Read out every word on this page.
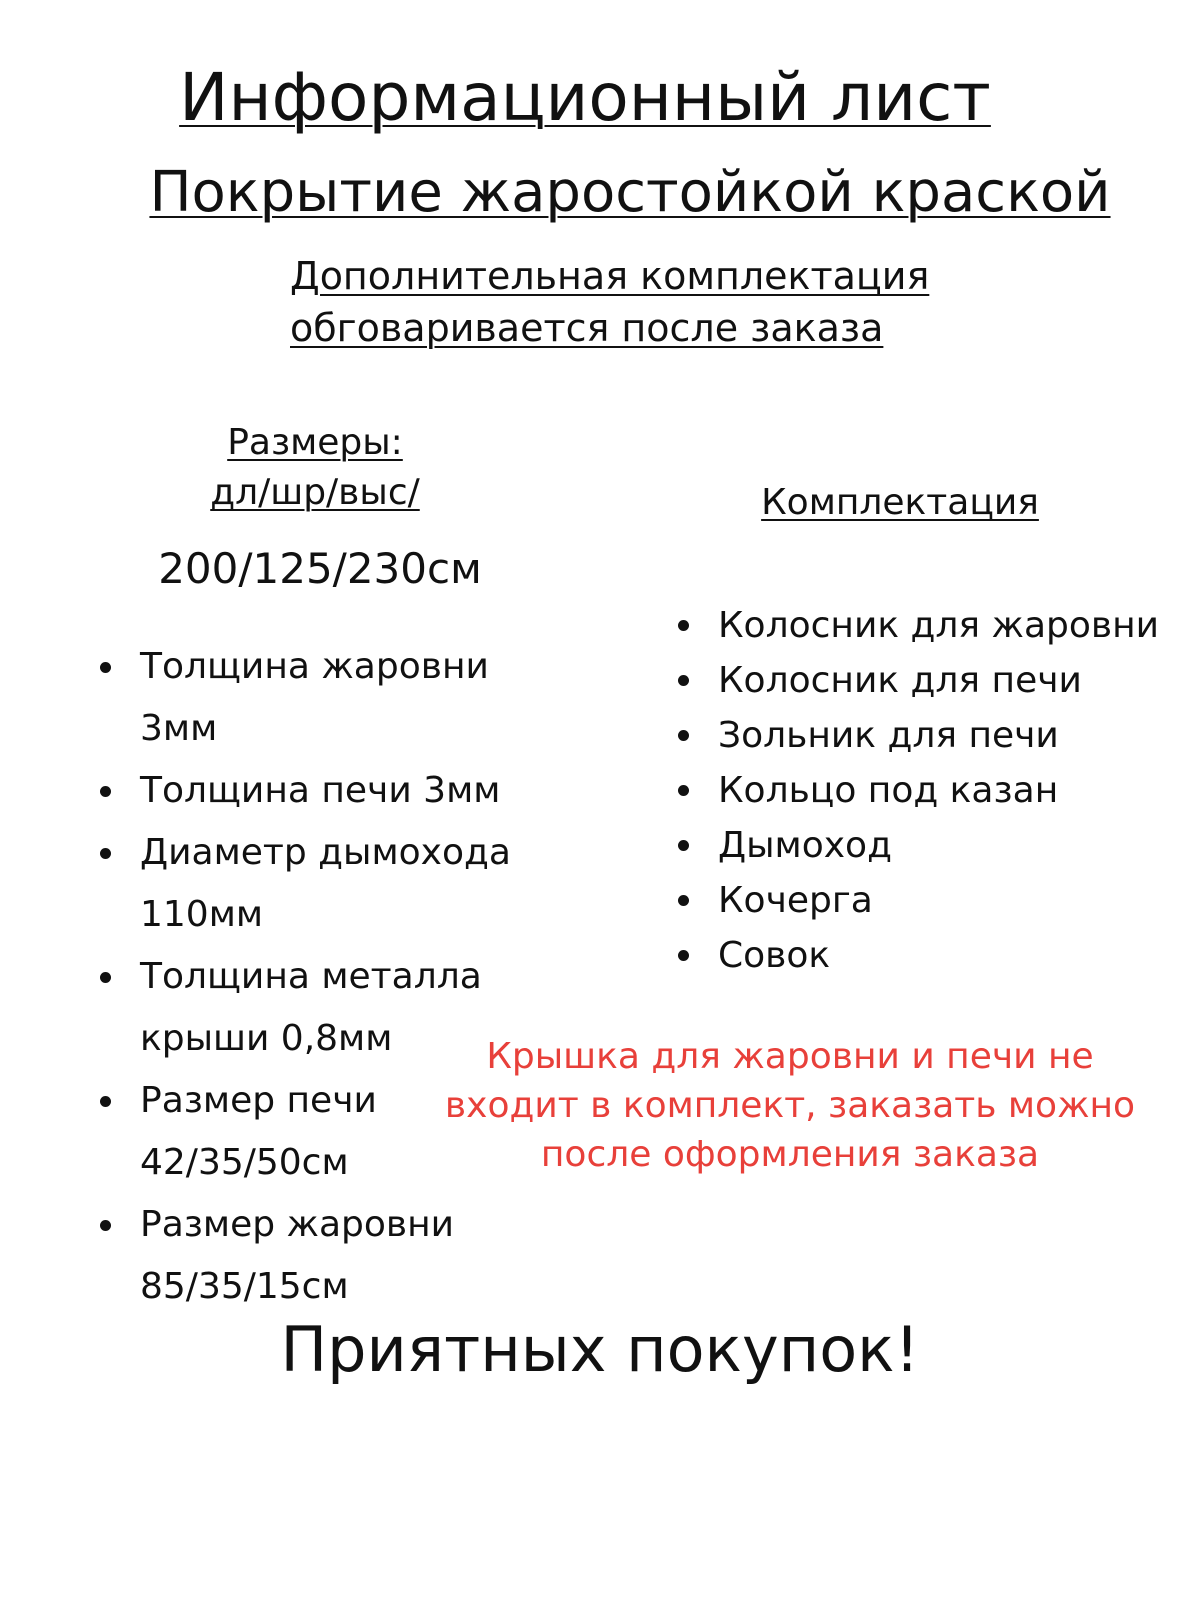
Информационный лист
Покрытие жаростойкой краской
Дополнительная комплектация обговаривается после заказа
Размеры:
дл/шр/выс/
200/125/230см
Толщина жаровни 3мм
Толщина печи 3мм
Диаметр дымохода 110мм
Толщина металла крыши 0,8мм
Размер печи 42/35/50см
Размер жаровни 85/35/15см
Комплектация
Колосник для жаровни
Колосник для печи
Зольник для печи
Кольцо под казан
Дымоход
Кочерга
Совок
Крышка для жаровни и печи не входит в комплект, заказать можно после оформления заказа
Приятных покупок!
